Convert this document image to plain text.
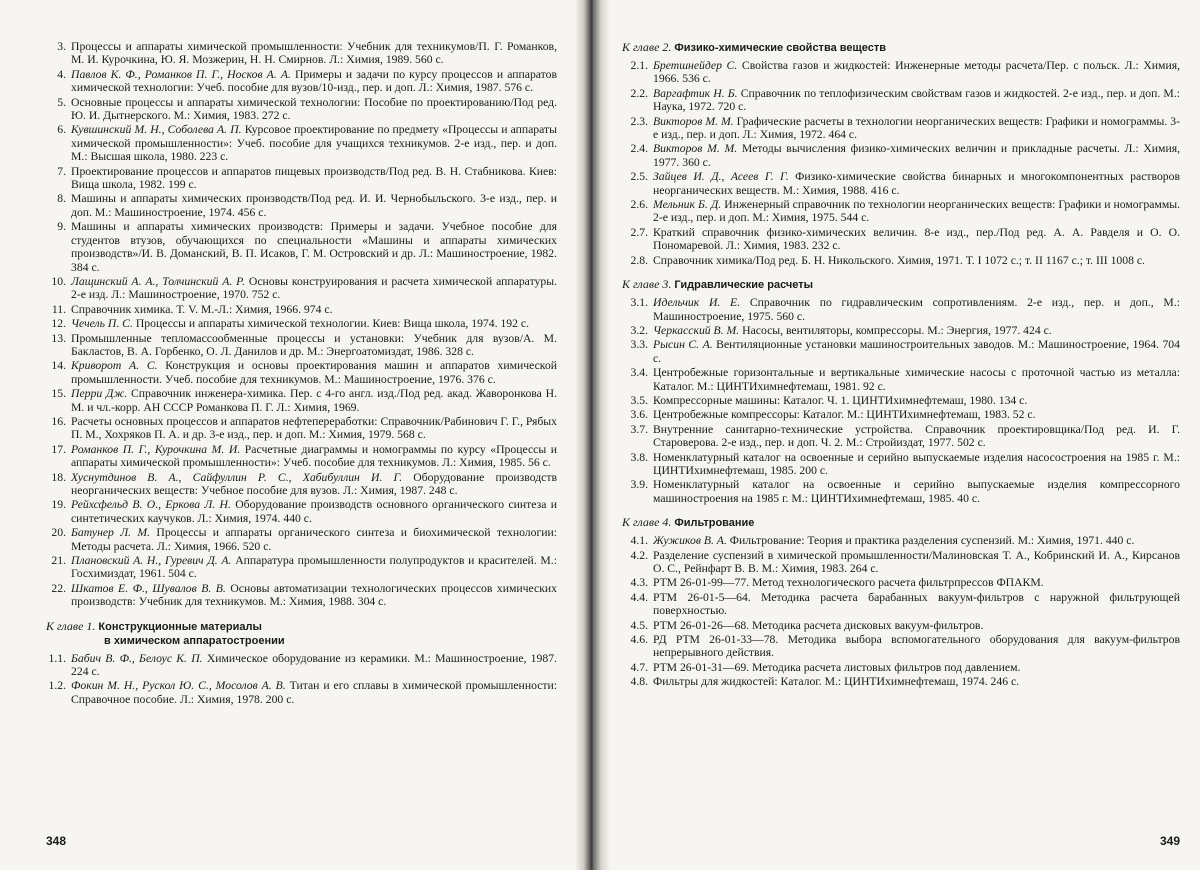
3. Процессы и аппараты химической промышленности: Учебник для техникумов/П. Г. Романков, М. И. Курочкина, Ю. Я. Мозжерин, Н. Н. Смирнов. Л.: Химия, 1989. 560 с.
4. Павлов К. Ф., Романков П. Г., Носков А. А. Примеры и задачи по курсу процессов и аппаратов химической технологии: Учеб. пособие для вузов/10-изд., пер. и доп. Л.: Химия, 1987. 576 с.
5. Основные процессы и аппараты химической технологии: Пособие по проектированию/Под ред. Ю. И. Дытнерского. М.: Химия, 1983. 272 с.
6. Кувшинский М. Н., Соболева А. П. Курсовое проектирование по предмету «Процессы и аппараты химической промышленности»: Учеб. пособие для учащихся техникумов. 2-е изд., пер. и доп. М.: Высшая школа, 1980. 223 с.
7. Проектирование процессов и аппаратов пищевых производств/Под ред. В. Н. Стабникова. Киев: Вища школа, 1982. 199 с.
8. Машины и аппараты химических производств/Под ред. И. И. Чернобыльского. 3-е изд., пер. и доп. М.: Машиностроение, 1974. 456 с.
9. Машины и аппараты химических производств: Примеры и задачи. Учебное пособие для студентов втузов, обучающихся по специальности «Машины и аппараты химических производств»/И. В. Доманский, В. П. Исаков, Г. М. Островский и др. Л.: Машиностроение, 1982. 384 с.
10. Лащинский А. А., Толчинский А. Р. Основы конструирования и расчета химической аппаратуры. 2-е изд. Л.: Машиностроение, 1970. 752 с.
11. Справочник химика. Т. V. М.-Л.: Химия, 1966. 974 с.
12. Чечель П. С. Процессы и аппараты химической технологии. Киев: Вища школа, 1974. 192 с.
13. Промышленные тепломассообменные процессы и установки: Учебник для вузов/А. М. Бакластов, В. А. Горбенко, О. Л. Данилов и др. М.: Энергоатомиздат, 1986. 328 с.
14. Криворот А. С. Конструкция и основы проектирования машин и аппаратов химической промышленности. Учеб. пособие для техникумов. М.: Машиностроение, 1976. 376 с.
15. Перри Дж. Справочник инженера-химика. Пер. с 4-го англ. изд./Под ред. акад. Жаворонкова Н. М. и чл.-корр. АН СССР Романкова П. Г. Л.: Химия, 1969.
16. Расчеты основных процессов и аппаратов нефтепереработки: Справочник/Рабинович Г. Г., Рябых П. М., Хохряков П. А. и др. 3-е изд., пер. и доп. М.: Химия, 1979. 568 с.
17. Романков П. Г., Курочкина М. И. Расчетные диаграммы и номограммы по курсу «Процессы и аппараты химической промышленности»: Учеб. пособие для техникумов. Л.: Химия, 1985. 56 с.
18. Хуснутдинов В. А., Сайфуллин Р. С., Хабибуллин И. Г. Оборудование производств неорганических веществ: Учебное пособие для вузов. Л.: Химия, 1987. 248 с.
19. Рейхсфельд В. О., Еркова Л. Н. Оборудование производств основного органического синтеза и синтетических каучуков. Л.: Химия, 1974. 440 с.
20. Батунер Л. М. Процессы и аппараты органического синтеза и биохимической технологии: Методы расчета. Л.: Химия, 1966. 520 с.
21. Плановский А. Н., Гуревич Д. А. Аппаратура промышленности полупродуктов и красителей. М.: Госхимиздат, 1961. 504 с.
22. Шкатов Е. Ф., Шувалов В. В. Основы автоматизации технологических процессов химических производств: Учебник для техникумов. М.: Химия, 1988. 304 с.
К главе 1. Конструкционные материалы
в химическом аппаратостроении
1.1. Бабич В. Ф., Белоус К. П. Химическое оборудование из керамики. М.: Машиностроение, 1987. 224 с.
1.2. Фокин М. Н., Рускол Ю. С., Мосолов А. В. Титан и его сплавы в химической промышленности: Справочное пособие. Л.: Химия, 1978. 200 с.
348
К главе 2. Физико-химические свойства веществ
2.1. Бретшнейдер С. Свойства газов и жидкостей: Инженерные методы расчета/Пер. с польск. Л.: Химия, 1966. 536 с.
2.2. Варгафтик Н. Б. Справочник по теплофизическим свойствам газов и жидкостей. 2-е изд., пер. и доп. М.: Наука, 1972. 720 с.
2.3. Викторов М. М. Графические расчеты в технологии неорганических веществ: Графики и номограммы. 3-е изд., пер. и доп. Л.: Химия, 1972. 464 с.
2.4. Викторов М. М. Методы вычисления физико-химических величин и прикладные расчеты. Л.: Химия, 1977. 360 с.
2.5. Зайцев И. Д., Асеев Г. Г. Физико-химические свойства бинарных и многокомпонентных растворов неорганических веществ. М.: Химия, 1988. 416 с.
2.6. Мельник Б. Д. Инженерный справочник по технологии неорганических веществ: Графики и номограммы. 2-е изд., пер. и доп. М.: Химия, 1975. 544 с.
2.7. Краткий справочник физико-химических величин. 8-е изд., пер./Под ред. А. А. Равделя и О. О. Пономаревой. Л.: Химия, 1983. 232 с.
2.8. Справочник химика/Под ред. Б. Н. Никольского. Химия, 1971. Т. I 1072 с.; т. II 1167 с.; т. III 1008 с.
К главе 3. Гидравлические расчеты
3.1. Идельчик И. Е. Справочник по гидравлическим сопротивлениям. 2-е изд., пер. и доп., М.: Машиностроение, 1975. 560 с.
3.2. Черкасский В. М. Насосы, вентиляторы, компрессоры. М.: Энергия, 1977. 424 с.
3.3. Рысин С. А. Вентиляционные установки машиностроительных заводов. М.: Машиностроение, 1964. 704 с.
3.4. Центробежные горизонтальные и вертикальные химические насосы с проточной частью из металла: Каталог. М.: ЦИНТИхимнефтемаш, 1981. 92 с.
3.5. Компрессорные машины: Каталог. Ч. 1. ЦИНТИхимнефтемаш, 1980. 134 с.
3.6. Центробежные компрессоры: Каталог. М.: ЦИНТИхимнефтемаш, 1983. 52 с.
3.7. Внутренние санитарно-технические устройства. Справочник проектировщика/Под ред. И. Г. Староверова. 2-е изд., пер. и доп. Ч. 2. М.: Стройиздат, 1977. 502 с.
3.8. Номенклатурный каталог на освоенные и серийно выпускаемые изделия насосостроения на 1985 г. М.: ЦИНТИхимнефтемаш, 1985. 200 с.
3.9. Номенклатурный каталог на освоенные и серийно выпускаемые изделия компрессорного машиностроения на 1985 г. М.: ЦИНТИхимнефтемаш, 1985. 40 с.
К главе 4. Фильтрование
4.1. Жужиков В. А. Фильтрование: Теория и практика разделения суспензий. М.: Химия, 1971. 440 с.
4.2. Разделение суспензий в химической промышленности/Малиновская Т. А., Кобринский И. А., Кирсанов О. С., Рейнфарт В. В. М.: Химия, 1983. 264 с.
4.3. РТМ 26-01-99—77. Метод технологического расчета фильтрпрессов ФПАКМ.
4.4. РТМ 26-01-5—64. Методика расчета барабанных вакуум-фильтров с наружной фильтрующей поверхностью.
4.5. РТМ 26-01-26—68. Методика расчета дисковых вакуум-фильтров.
4.6. РД РТМ 26-01-33—78. Методика выбора вспомогательного оборудования для вакуум-фильтров непрерывного действия.
4.7. РТМ 26-01-31—69. Методика расчета листовых фильтров под давлением.
4.8. Фильтры для жидкостей: Каталог. М.: ЦИНТИхимнефтемаш, 1974. 246 с.
349
